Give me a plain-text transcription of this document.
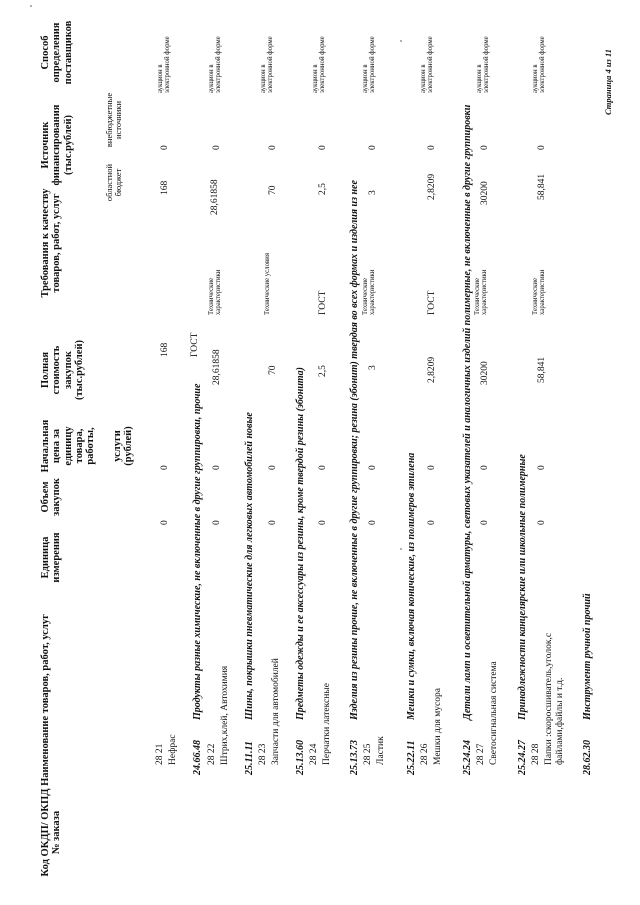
Код ОКДП/ ОКПД № заказа
Наименование товаров, работ, услуг
Единица измерения
Объем закупок
Начальная цена за единицу товара, работы, услуги (рублей)
Полная стоимость закупок (тыс.рублей)
Требования к качеству товаров, работ, услуг
Источник финансирования (тыс.рублей)
областной бюджет
внебюджетные источники
Способ определения поставщиков
28 21 Нефрас
0
0
168 ГОСТ
168
0
аукцион в электронной форме
24.66.48
Продукты разные химические, не включенные в другие группировки, прочие
28 22 Штрих,клей, Автохимия
0
0
28,61858
Технические характеристики
28,61858
0
аукцион в электронной форме
25.11.11
Шины, покрышки пневматические для легковых автомобилей новые
28 23 Запчасти для автомобилей
0
0
70
Технические условия
70
0
аукцион в электронной форме
25.13.60
Предметы одежды и ее аксессуары из резины, кроме твердой резины (эбонита)
28 24 Перчатки латексные
0
0
2,5
ГОСТ
2,5
0
аукцион в электронной форме
25.13.73
Изделия из резины прочие, не включенные в другие группировки; резина (эбонит) твердая во всех формах и изделия из нее
28 25 Ластик
0
0
3
Технические характеристики
3
0
аукцион в электронной форме
25.22.11
Мешки и сумки, включая конические, из полимеров этилена
28 26 Мешки для мусора
0
0
2,8209
ГОСТ
2,8209
0
аукцион в электронной форме
25.24.24
Детали ламп и осветительной арматуры, световых указателей и аналогичных изделий полимерные, не включенные в другие группировки
28 27 Светосигнальная система
0
0
30200
Технические характеристики
30200
0
аукцион в электронной форме
25.24.27
Принадлежности канцелярские или школьные полимерные
28 28 Папки :скоросшиватель,уголок,с файлами,файлы и т.д.
0
0
58,841
Технические характеристики
58,841
0
аукцион в электронной форме
28.62.30
Инструмент ручной прочий
Страница 4 из 11
